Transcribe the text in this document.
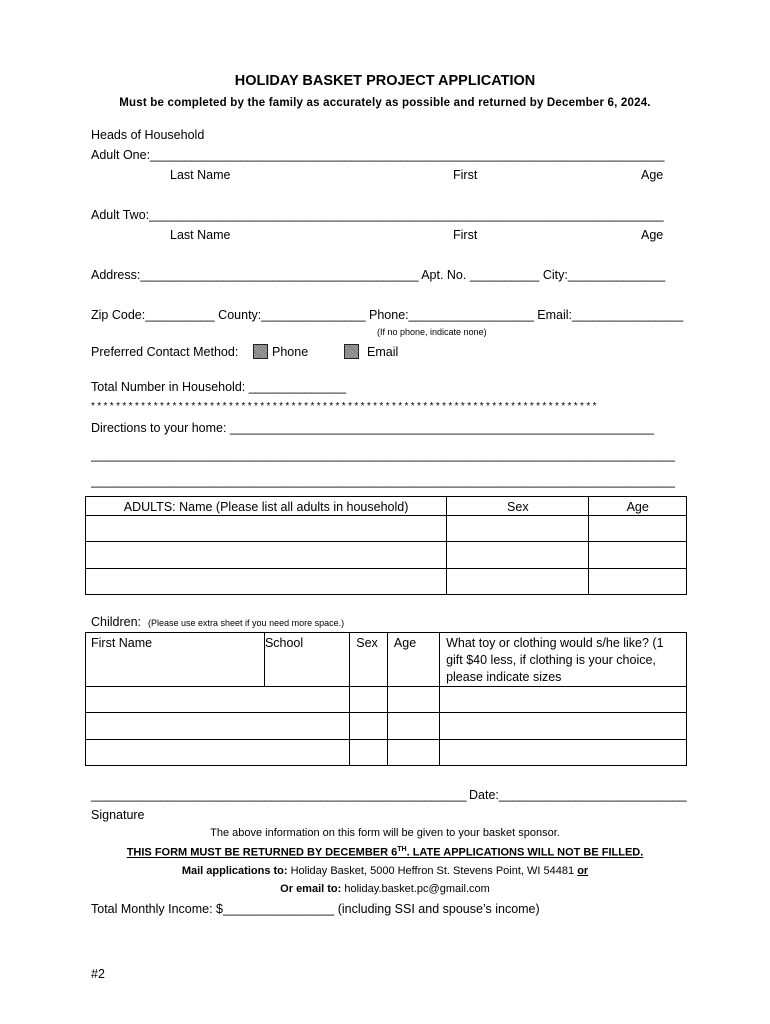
HOLIDAY BASKET PROJECT APPLICATION
Must be completed by the family as accurately as possible and returned by December 6, 2024.
Heads of Household
Adult One:__________________________________________________________________________
Last Name	First	Age
Adult Two:__________________________________________________________________________
Last Name	First	Age
Address:________________________________________ Apt. No. __________ City:______________
Zip Code:__________ County:_______________ Phone:__________________ Email:________________
(If no phone, indicate none)
Preferred Contact Method:	Phone	Email
Total Number in Household: ______________
* * * * * * * * * * * * * * * * * * * * * * * * * * * * * * * * * * * * * * * * * * * * * * * * * * * * * * * * * * * * * * * * * * * * * * * * * * * * * * * * *
Directions to your home: _____________________________________________________________
____________________________________________________________________________________
____________________________________________________________________________________
ADULTS: Name (Please list all adults in household)	Sex	Age

Children: (Please use extra sheet if you need more space.)
First Name	School	Sex	Age	What toy or clothing would s/he like? (1
gift $40 less, if clothing is your choice,
please indicate sizes

______________________________________________________ Date:___________________________
Signature
The above information on this form will be given to your basket sponsor.
THIS FORM MUST BE RETURNED BY DECEMBER 6TH. LATE APPLICATIONS WILL NOT BE FILLED.
Mail applications to: Holiday Basket, 5000 Heffron St. Stevens Point, WI 54481 or
Or email to: holiday.basket.pc@gmail.com
Total Monthly Income: $________________ (including SSI and spouse’s income)
#2
